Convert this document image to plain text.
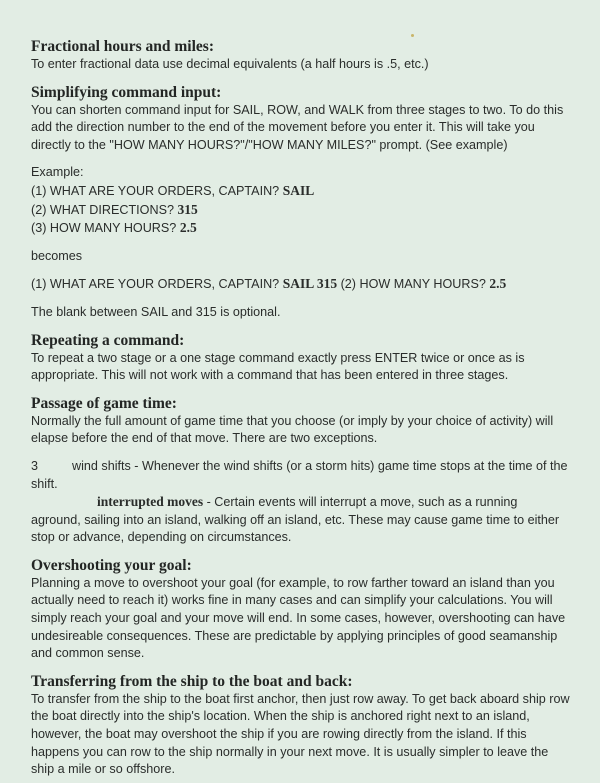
Fractional hours and miles:

To enter fractional data use decimal equivalents (a half hours is .5, etc.)

Simplifying command input:

You can shorten command input for SAIL, ROW, and WALK from three stages to two. To do this add the direction number to the end of the movement before you enter it. This will take you directly to the "HOW MANY HOURS?"/"HOW MANY MILES?" prompt. (See example)

Example:

(1) WHAT ARE YOUR ORDERS, CAPTAIN? SAIL

(2) WHAT DIRECTIONS? 315

(3) HOW MANY HOURS? 2.5

becomes

(1) WHAT ARE YOUR ORDERS, CAPTAIN? SAIL 315 (2) HOW MANY HOURS? 2.5

The blank between SAIL and 315 is optional.

Repeating a command:

To repeat a two stage or a one stage command exactly press ENTER twice or once as is appropriate. This will not work with a command that has been entered in three stages.

Passage of game time:

Normally the full amount of game time that you choose (or imply by your choice of activity) will elapse before the end of that move. There are two exceptions.

3	wind shifts - Whenever the wind shifts (or a storm hits) game time stops at the time of the shift.

interrupted moves - Certain events will interrupt a move, such as a running aground, sailing into an island, walking off an island, etc. These may cause game time to either stop or advance, depending on circumstances.

Overshooting your goal:

Planning a move to overshoot your goal (for example, to row farther toward an island than you actually need to reach it) works fine in many cases and can simplify your calculations. You will simply reach your goal and your move will end. In some cases, however, overshooting can have undesireable consequences. These are predictable by applying principles of good seamanship and common sense.

Transferring from the ship to the boat and back:

To transfer from the ship to the boat first anchor, then just row away. To get back aboard ship row the boat directly into the ship's location. When the ship is anchored right next to an island, however, the boat may overshoot the ship if you are rowing directly from the island. If this happens you can row to the ship normally in your next move. It is usually simpler to leave the ship a mile or so offshore.
